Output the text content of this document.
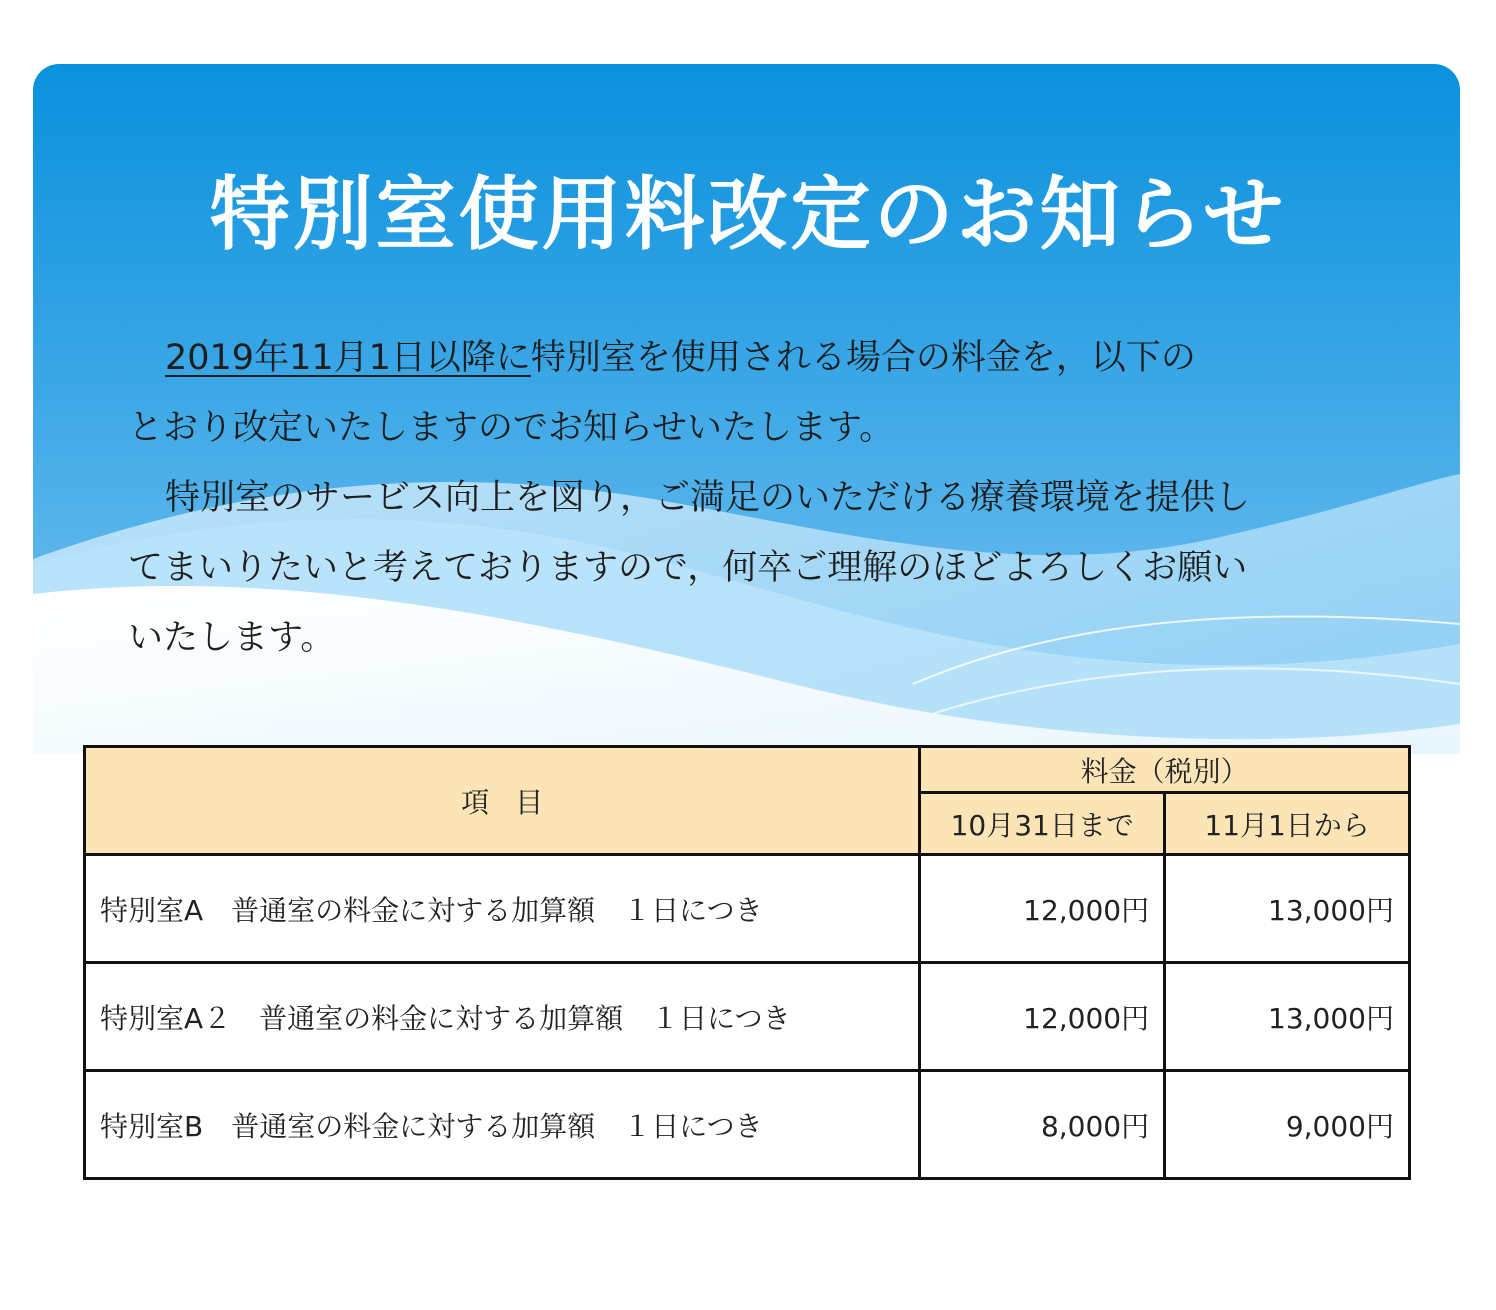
特別室使用料改定のお知らせ
2019年11月1日以降に特別室を使用される場合の料金を，以下の
とおり改定いたしますのでお知らせいたします。
特別室のサービス向上を図り，ご満足のいただける療養環境を提供し
てまいりたいと考えておりますので，何卒ご理解のほどよろしくお願い
いたします。
項目	料金（税別）	
	10月31日まで	11月1日から
特別室A　普通室の料金に対する加算額　１日につき	12,000円	13,000円
特別室A２　普通室の料金に対する加算額　１日につき	12,000円	13,000円
特別室B　普通室の料金に対する加算額　１日につき	8,000円	9,000円
